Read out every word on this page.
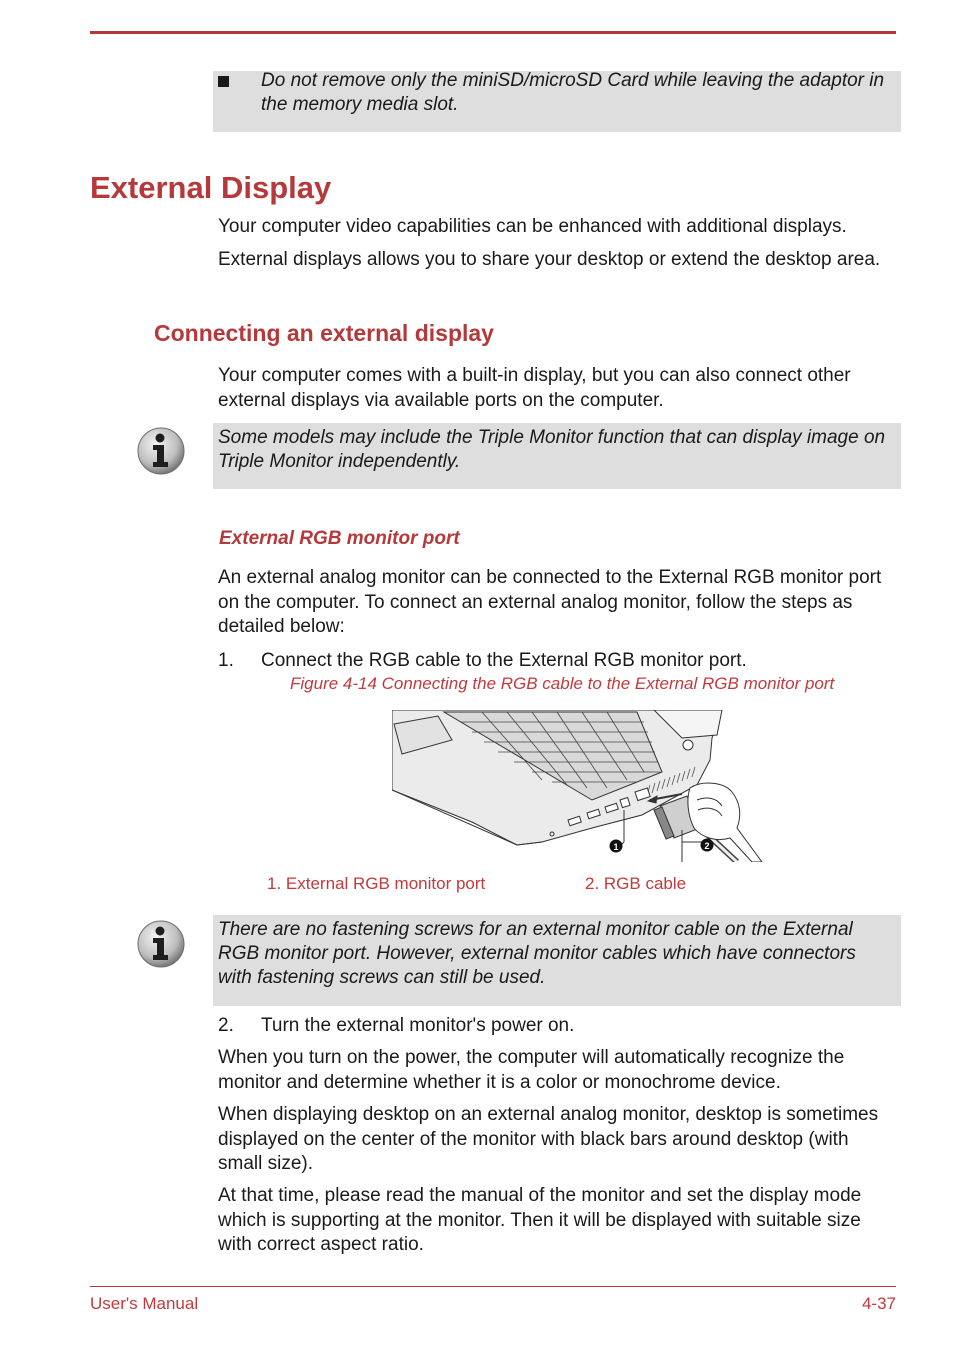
Do not remove only the miniSD/microSD Card while leaving the adaptor in the memory media slot.
External Display
Your computer video capabilities can be enhanced with additional displays.
External displays allows you to share your desktop or extend the desktop area.
Connecting an external display
Your computer comes with a built-in display, but you can also connect other external displays via available ports on the computer.
Some models may include the Triple Monitor function that can display image on Triple Monitor independently.
External RGB monitor port
An external analog monitor can be connected to the External RGB monitor port on the computer. To connect an external analog monitor, follow the steps as detailed below:
1. Connect the RGB cable to the External RGB monitor port.
Figure 4-14 Connecting the RGB cable to the External RGB monitor port
1	2
1. External RGB monitor port	2. RGB cable
There are no fastening screws for an external monitor cable on the External RGB monitor port. However, external monitor cables which have connectors with fastening screws can still be used.
2. Turn the external monitor's power on.
When you turn on the power, the computer will automatically recognize the monitor and determine whether it is a color or monochrome device.
When displaying desktop on an external analog monitor, desktop is sometimes displayed on the center of the monitor with black bars around desktop (with small size).
At that time, please read the manual of the monitor and set the display mode which is supporting at the monitor. Then it will be displayed with suitable size with correct aspect ratio.
User's Manual	4-37
